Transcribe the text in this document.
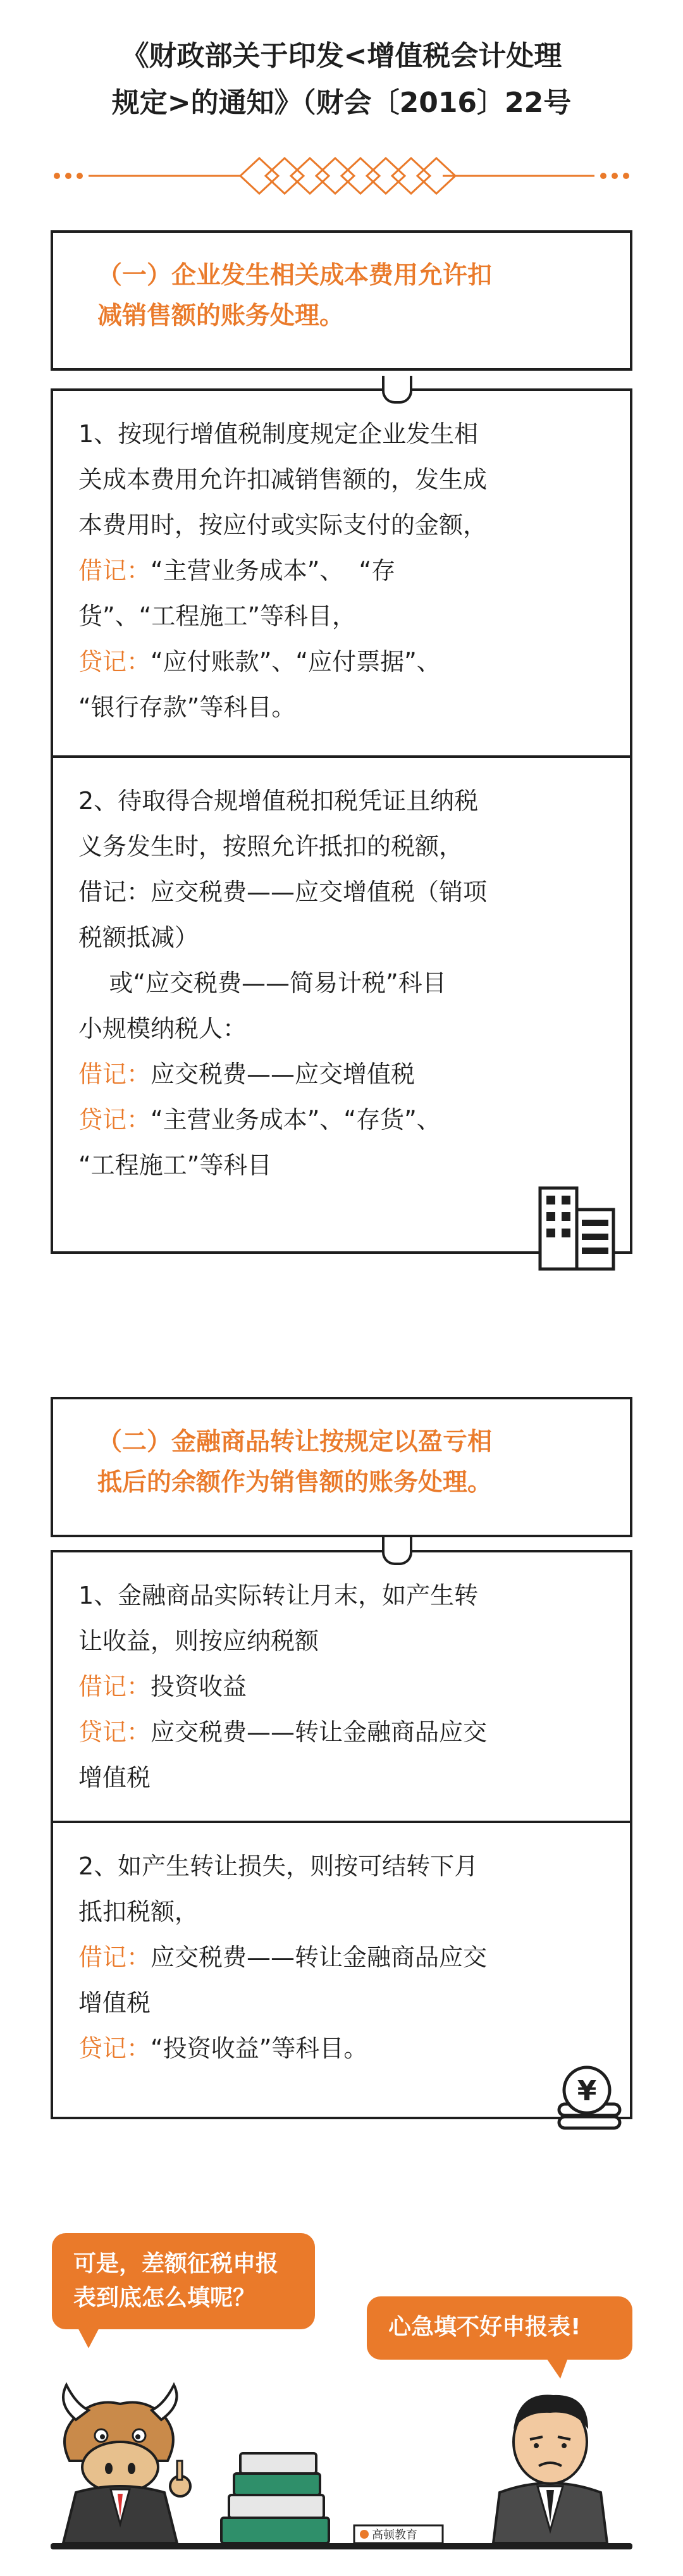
《财政部关于印发<增值税会计处理
规定>的通知》（财会〔2016〕22号
（一）企业发生相关成本费用允许扣
减销售额的账务处理。
1、按现行增值税制度规定企业发生相
关成本费用允许扣减销售额的，发生成
本费用时，按应付或实际支付的金额，
借记：“主营业务成本”、  “存
货”、“工程施工”等科目，
贷记：“应付账款”、“应付票据”、
“银行存款”等科目。
2、待取得合规增值税扣税凭证且纳税
义务发生时，按照允许抵扣的税额，
借记：应交税费——应交增值税（销项
税额抵减）
或“应交税费——简易计税”科目
小规模纳税人：
借记：应交税费——应交增值税
贷记：“主营业务成本”、“存货”、
“工程施工”等科目
（二）金融商品转让按规定以盈亏相
抵后的余额作为销售额的账务处理。
1、金融商品实际转让月末，如产生转
让收益，则按应纳税额
借记：投资收益
贷记：应交税费——转让金融商品应交
增值税
2、如产生转让损失，则按可结转下月
抵扣税额，
借记：应交税费——转让金融商品应交
增值税
贷记：“投资收益”等科目。
¥
可是，差额征税申报
表到底怎么填呢？
心急填不好申报表!
高顿教育
